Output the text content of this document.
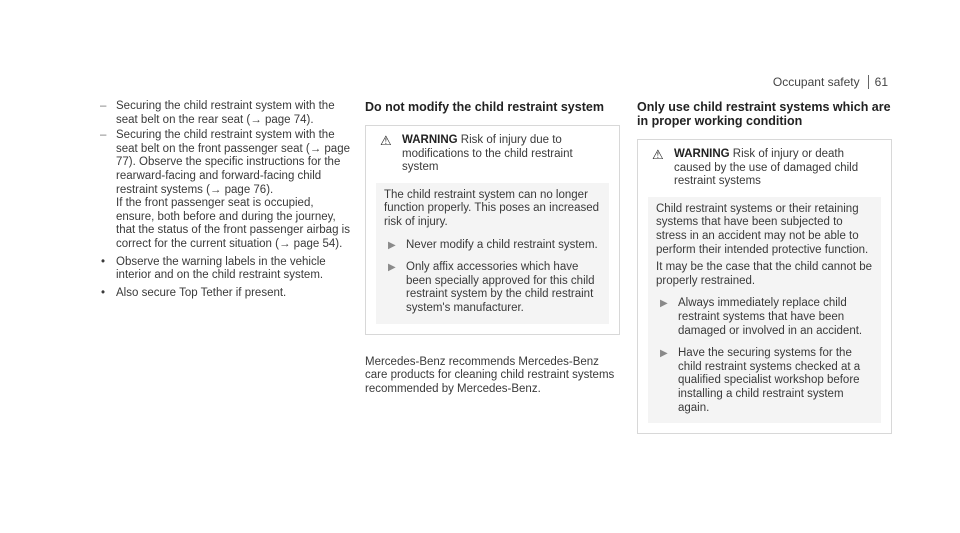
Occupant safety 61
– Securing the child restraint system with the seat belt on the rear seat (→ page 74).
– Securing the child restraint system with the seat belt on the front passenger seat (→ page 77). Observe the specific instructions for the rearward-facing and forward-facing child restraint systems (→ page 76).
If the front passenger seat is occupied, ensure, both before and during the journey, that the status of the front passenger airbag is correct for the current situation (→ page 54).
• Observe the warning labels in the vehicle interior and on the child restraint system.
• Also secure Top Tether if present.
Do not modify the child restraint system
⚠ WARNING Risk of injury due to modifications to the child restraint system

The child restraint system can no longer function properly. This poses an increased risk of injury.

▶ Never modify a child restraint system.
▶ Only affix accessories which have been specially approved for this child restraint system by the child restraint system's manufacturer.

Mercedes-Benz recommends Mercedes-Benz care products for cleaning child restraint systems recommended by Mercedes-Benz.

Only use child restraint systems which are in proper working condition
⚠ WARNING Risk of injury or death caused by the use of damaged child restraint systems

Child restraint systems or their retaining systems that have been subjected to stress in an accident may not be able to perform their intended protective function.

It may be the case that the child cannot be properly restrained.

▶ Always immediately replace child restraint systems that have been damaged or involved in an accident.
▶ Have the securing systems for the child restraint systems checked at a qualified specialist workshop before installing a child restraint system again.
